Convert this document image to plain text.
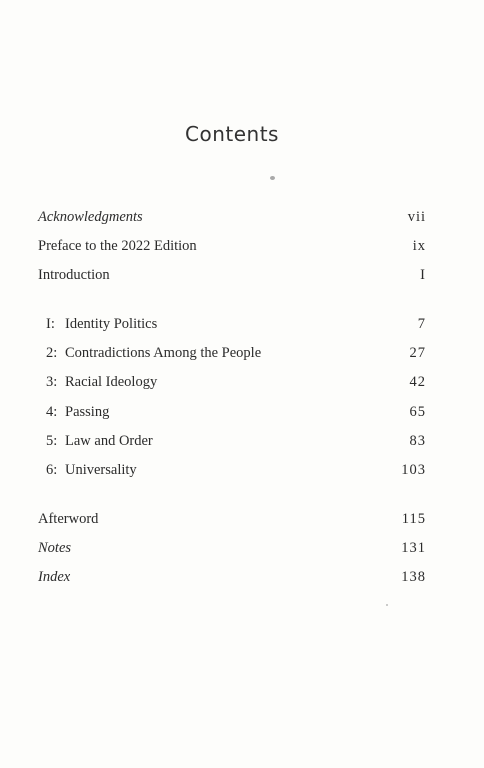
Contents
Acknowledgments	vii
Preface to the 2022 Edition	ix
Introduction	I
I: Identity Politics	7
2: Contradictions Among the People	27
3: Racial Ideology	42
4: Passing	65
5: Law and Order	83
6: Universality	103
Afterword	115
Notes	131
Index	138
